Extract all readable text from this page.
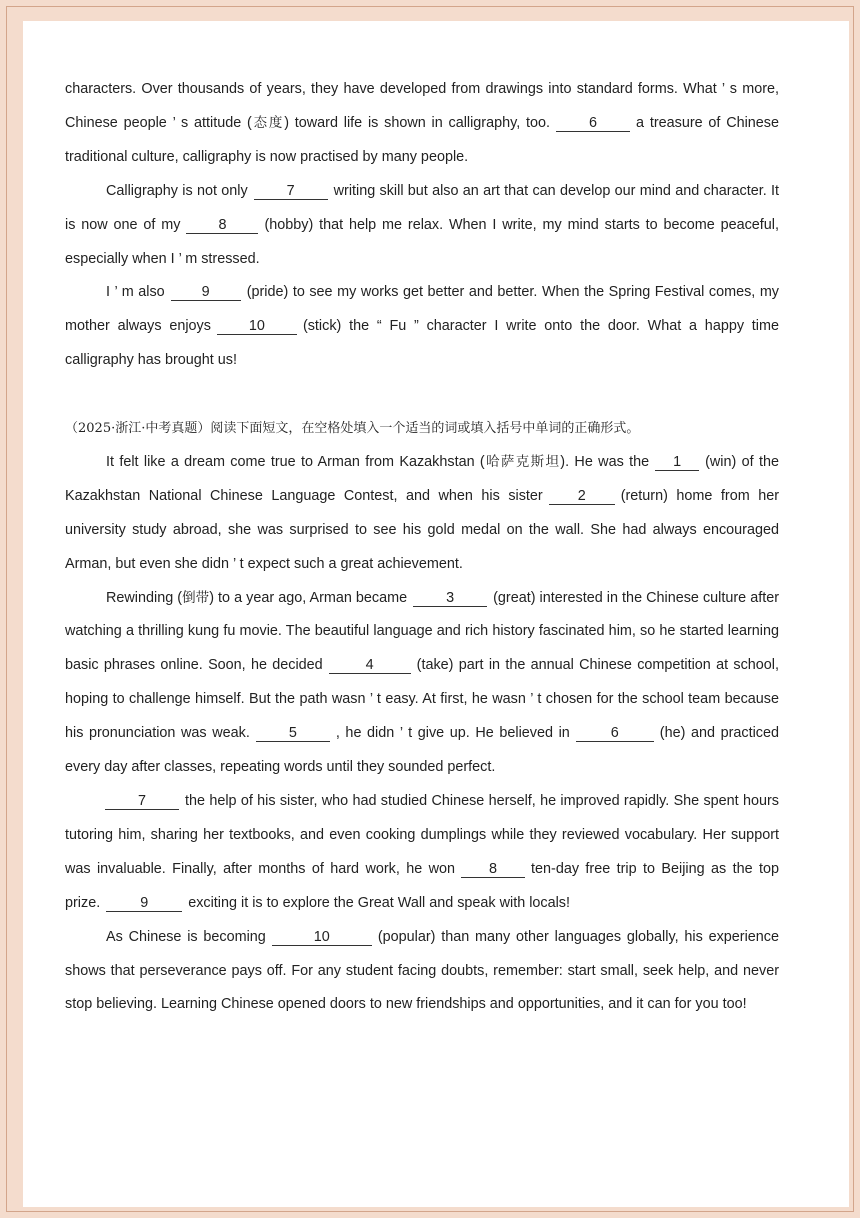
characters. Over thousands of years, they have developed from drawings into standard forms. What ’ s more, Chinese people ’ s attitude (态度) toward life is shown in calligraphy, too.	6	a treasure of Chinese traditional culture, calligraphy is now practised by many people.

Calligraphy is not only	7	writing skill but also an art that can develop our mind and character. It is now one of my	8	(hobby) that help me relax. When I write, my mind starts to become peaceful, especially when I ’ m stressed.

I ’ m also	9	(pride) to see my works get better and better. When the Spring Festival comes, my mother always enjoys	10	(stick) the “ Fu ” character I write onto the door. What a happy time calligraphy has brought us!

（2025·浙江·中考真题）阅读下面短文，在空格处填入一个适当的词或填入括号中单词的正确形式。

It felt like a dream come true to Arman from Kazakhstan (哈萨克斯坦). He was the 1 (win) of the Kazakhstan National Chinese Language Contest, and when his sister 2 (return) home from her university study abroad, she was surprised to see his gold medal on the wall. She had always encouraged Arman, but even she didn ’ t expect such a great achievement.

Rewinding (倒带) to a year ago, Arman became	3	(great) interested in the Chinese culture after watching a thrilling kung fu movie. The beautiful language and rich history fascinated him, so he started learning basic phrases online. Soon, he decided	4	(take) part in the annual Chinese competition at school, hoping to challenge himself. But the path wasn ’ t easy. At first, he wasn ’ t chosen for the school team because his pronunciation was weak.	5	, he didn ’ t give up. He believed in	6	(he) and practiced every day after classes, repeating words until they sounded perfect.

7	the help of his sister, who had studied Chinese herself, he improved rapidly. She spent hours tutoring him, sharing her textbooks, and even cooking dumplings while they reviewed vocabulary. Her support was invaluable. Finally, after months of hard work, he won 8 ten-day free trip to Beijing as the top prize.	9	exciting it is to explore the Great Wall and speak with locals!

As Chinese is becoming	10	(popular) than many other languages globally, his experience shows that perseverance pays off. For any student facing doubts, remember: start small, seek help, and never stop believing. Learning Chinese opened doors to new friendships and opportunities, and it can for you too!
